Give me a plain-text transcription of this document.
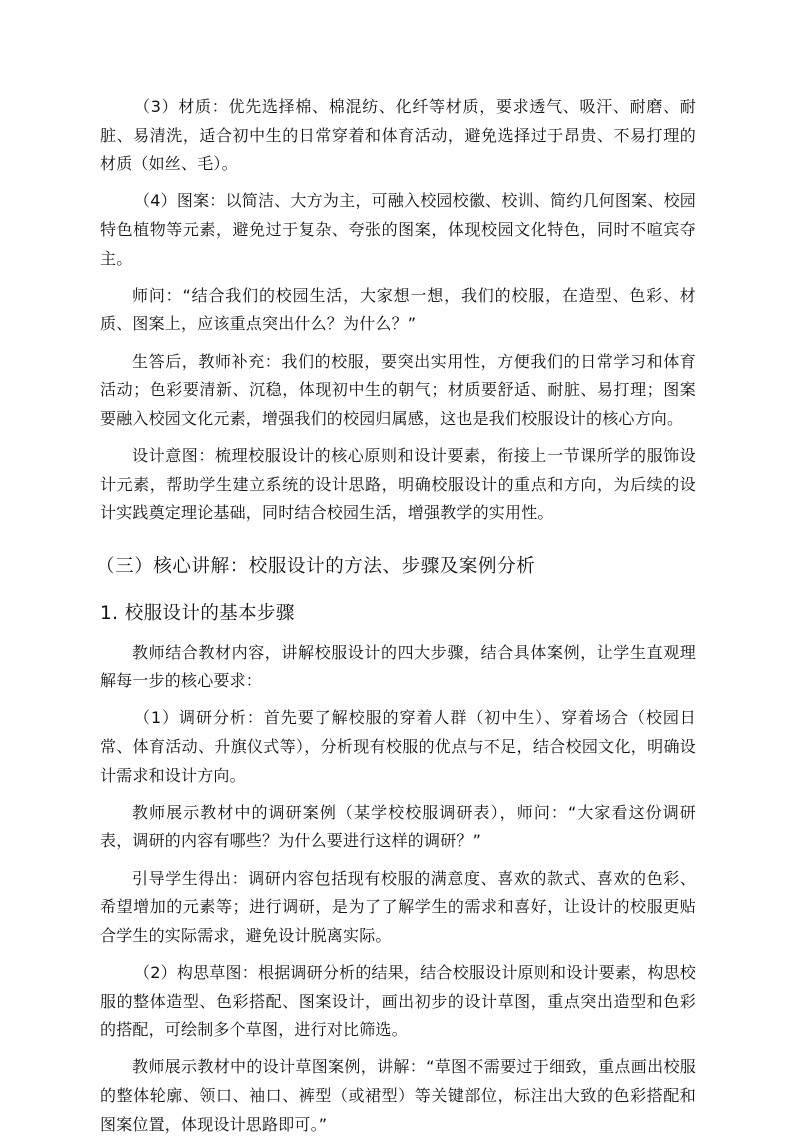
（3）材质：优先选择棉、棉混纺、化纤等材质，要求透气、吸汗、耐磨、耐脏、易清洗，适合初中生的日常穿着和体育活动，避免选择过于昂贵、不易打理的材质（如丝、毛）。

（4）图案：以简洁、大方为主，可融入校园校徽、校训、简约几何图案、校园特色植物等元素，避免过于复杂、夸张的图案，体现校园文化特色，同时不喧宾夺主。

师问：“结合我们的校园生活，大家想一想，我们的校服，在造型、色彩、材质、图案上，应该重点突出什么？为什么？”

生答后，教师补充：我们的校服，要突出实用性，方便我们的日常学习和体育活动；色彩要清新、沉稳，体现初中生的朝气；材质要舒适、耐脏、易打理；图案要融入校园文化元素，增强我们的校园归属感，这也是我们校服设计的核心方向。

设计意图：梳理校服设计的核心原则和设计要素，衔接上一节课所学的服饰设计元素，帮助学生建立系统的设计思路，明确校服设计的重点和方向，为后续的设计实践奠定理论基础，同时结合校园生活，增强教学的实用性。

（三）核心讲解：校服设计的方法、步骤及案例分析
1. 校服设计的基本步骤

教师结合教材内容，讲解校服设计的四大步骤，结合具体案例，让学生直观理解每一步的核心要求：

（1）调研分析：首先要了解校服的穿着人群（初中生）、穿着场合（校园日常、体育活动、升旗仪式等），分析现有校服的优点与不足，结合校园文化，明确设计需求和设计方向。

教师展示教材中的调研案例（某学校校服调研表），师问：“大家看这份调研表，调研的内容有哪些？为什么要进行这样的调研？”

引导学生得出：调研内容包括现有校服的满意度、喜欢的款式、喜欢的色彩、希望增加的元素等；进行调研，是为了了解学生的需求和喜好，让设计的校服更贴合学生的实际需求，避免设计脱离实际。

（2）构思草图：根据调研分析的结果，结合校服设计原则和设计要素，构思校服的整体造型、色彩搭配、图案设计，画出初步的设计草图，重点突出造型和色彩的搭配，可绘制多个草图，进行对比筛选。

教师展示教材中的设计草图案例，讲解：“草图不需要过于细致，重点画出校服的整体轮廓、领口、袖口、裤型（或裙型）等关键部位，标注出大致的色彩搭配和图案位置，体现设计思路即可。”
